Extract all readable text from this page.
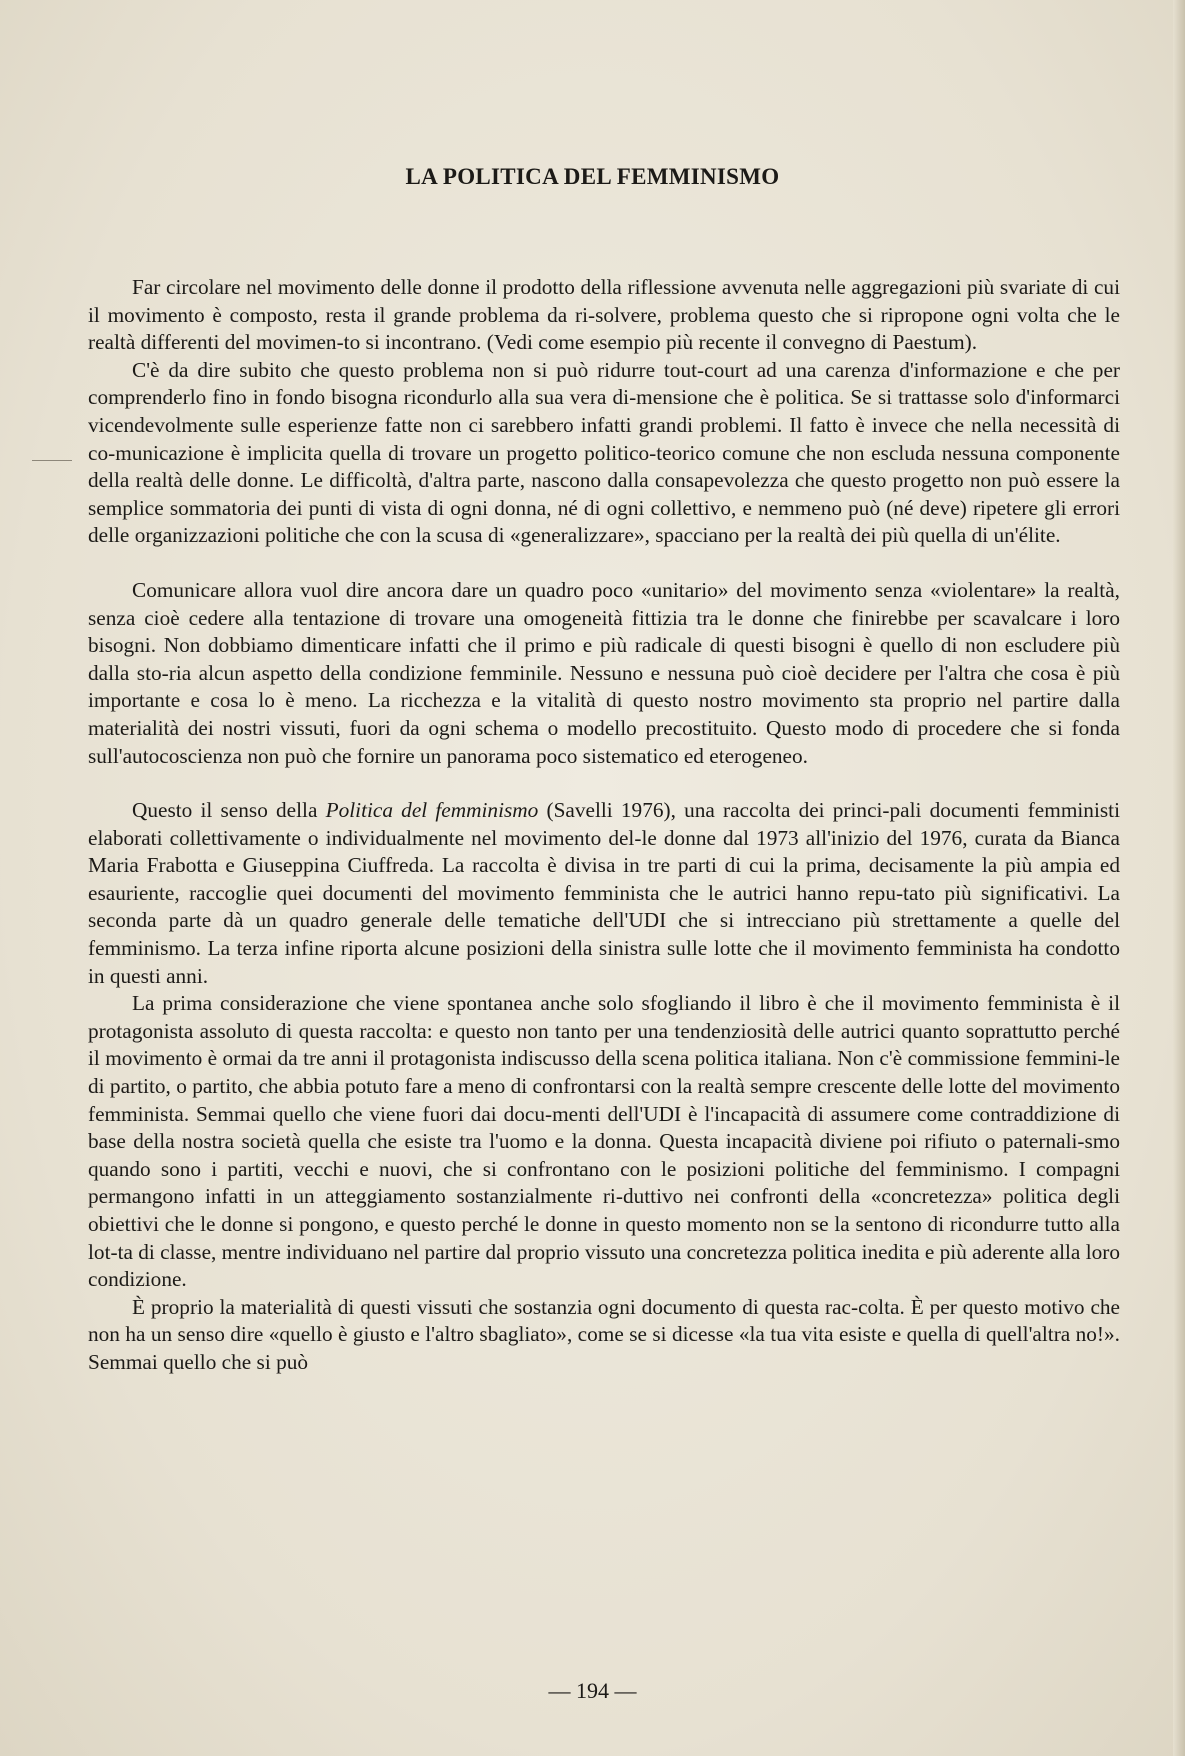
LA POLITICA DEL FEMMINISMO

Far circolare nel movimento delle donne il prodotto della riflessione avvenuta nelle aggregazioni più svariate di cui il movimento è composto, resta il grande problema da ri-solvere, problema questo che si ripropone ogni volta che le realtà differenti del movimen-to si incontrano. (Vedi come esempio più recente il convegno di Paestum).

C'è da dire subito che questo problema non si può ridurre tout-court ad una carenza d'informazione e che per comprenderlo fino in fondo bisogna ricondurlo alla sua vera di-mensione che è politica. Se si trattasse solo d'informarci vicendevolmente sulle esperienze fatte non ci sarebbero infatti grandi problemi. Il fatto è invece che nella necessità di co-municazione è implicita quella di trovare un progetto politico-teorico comune che non escluda nessuna componente della realtà delle donne. Le difficoltà, d'altra parte, nascono dalla consapevolezza che questo progetto non può essere la semplice sommatoria dei punti di vista di ogni donna, né di ogni collettivo, e nemmeno può (né deve) ripetere gli errori delle organizzazioni politiche che con la scusa di «generalizzare», spacciano per la realtà dei più quella di un'élite.

Comunicare allora vuol dire ancora dare un quadro poco «unitario» del movimento senza «violentare» la realtà, senza cioè cedere alla tentazione di trovare una omogeneità fittizia tra le donne che finirebbe per scavalcare i loro bisogni. Non dobbiamo dimenticare infatti che il primo e più radicale di questi bisogni è quello di non escludere più dalla sto-ria alcun aspetto della condizione femminile. Nessuno e nessuna può cioè decidere per l'altra che cosa è più importante e cosa lo è meno. La ricchezza e la vitalità di questo nostro movimento sta proprio nel partire dalla materialità dei nostri vissuti, fuori da ogni schema o modello precostituito. Questo modo di procedere che si fonda sull'autocoscienza non può che fornire un panorama poco sistematico ed eterogeneo.

Questo il senso della Politica del femminismo (Savelli 1976), una raccolta dei princi-pali documenti femministi elaborati collettivamente o individualmente nel movimento del-le donne dal 1973 all'inizio del 1976, curata da Bianca Maria Frabotta e Giuseppina Ciuffreda. La raccolta è divisa in tre parti di cui la prima, decisamente la più ampia ed esauriente, raccoglie quei documenti del movimento femminista che le autrici hanno repu-tato più significativi. La seconda parte dà un quadro generale delle tematiche dell'UDI che si intrecciano più strettamente a quelle del femminismo. La terza infine riporta alcune posizioni della sinistra sulle lotte che il movimento femminista ha condotto in questi anni.

La prima considerazione che viene spontanea anche solo sfogliando il libro è che il movimento femminista è il protagonista assoluto di questa raccolta: e questo non tanto per una tendenziosità delle autrici quanto soprattutto perché il movimento è ormai da tre anni il protagonista indiscusso della scena politica italiana. Non c'è commissione femmini-le di partito, o partito, che abbia potuto fare a meno di confrontarsi con la realtà sempre crescente delle lotte del movimento femminista. Semmai quello che viene fuori dai docu-menti dell'UDI è l'incapacità di assumere come contraddizione di base della nostra società quella che esiste tra l'uomo e la donna. Questa incapacità diviene poi rifiuto o paternali-smo quando sono i partiti, vecchi e nuovi, che si confrontano con le posizioni politiche del femminismo. I compagni permangono infatti in un atteggiamento sostanzialmente ri-duttivo nei confronti della «concretezza» politica degli obiettivi che le donne si pongono, e questo perché le donne in questo momento non se la sentono di ricondurre tutto alla lot-ta di classe, mentre individuano nel partire dal proprio vissuto una concretezza politica inedita e più aderente alla loro condizione.

È proprio la materialità di questi vissuti che sostanzia ogni documento di questa rac-colta. È per questo motivo che non ha un senso dire «quello è giusto e l'altro sbagliato», come se si dicesse «la tua vita esiste e quella di quell'altra no!». Semmai quello che si può

— 194 —
